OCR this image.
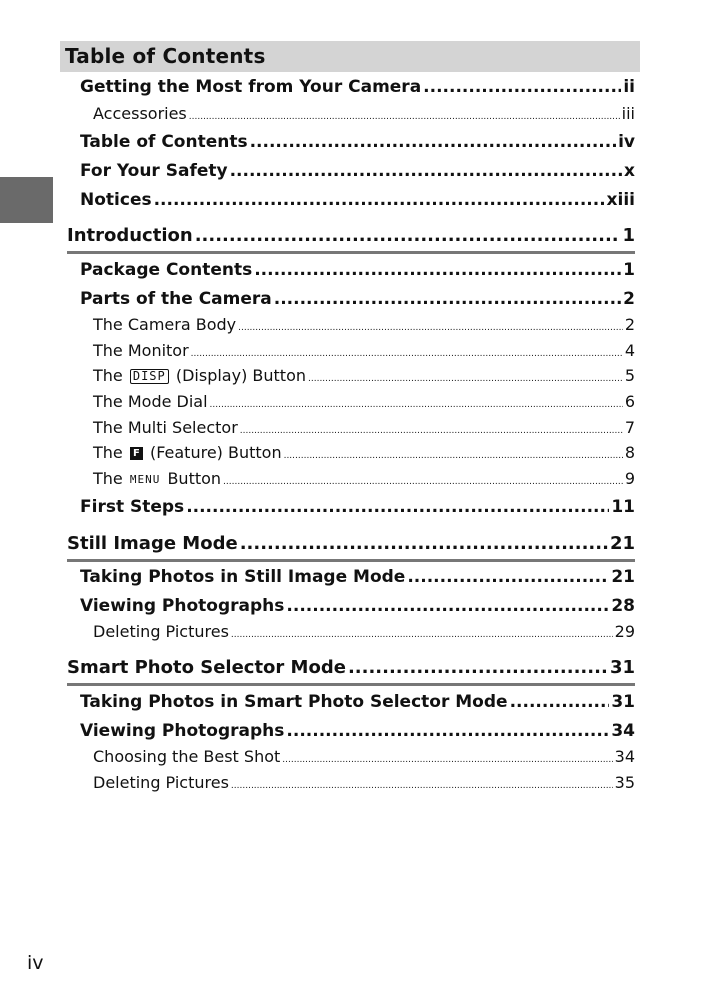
Table of Contents
Getting the Most from Your Camera .....	ii
Accessories .....	iii
Table of Contents .....	iv
For Your Safety .....	x
Notices .....	xiii
Introduction .....	1
Package Contents .....	1
Parts of the Camera .....	2
The Camera Body .....	2
The Monitor .....	4
The DISP (Display) Button .....	5
The Mode Dial .....	6
The Multi Selector .....	7
The F (Feature) Button .....	8
The MENU Button .....	9
First Steps .....	11
Still Image Mode .....	21
Taking Photos in Still Image Mode .....	21
Viewing Photographs .....	28
Deleting Pictures .....	29
Smart Photo Selector Mode .....	31
Taking Photos in Smart Photo Selector Mode .....	31
Viewing Photographs .....	34
Choosing the Best Shot .....	34
Deleting Pictures .....	35
iv
